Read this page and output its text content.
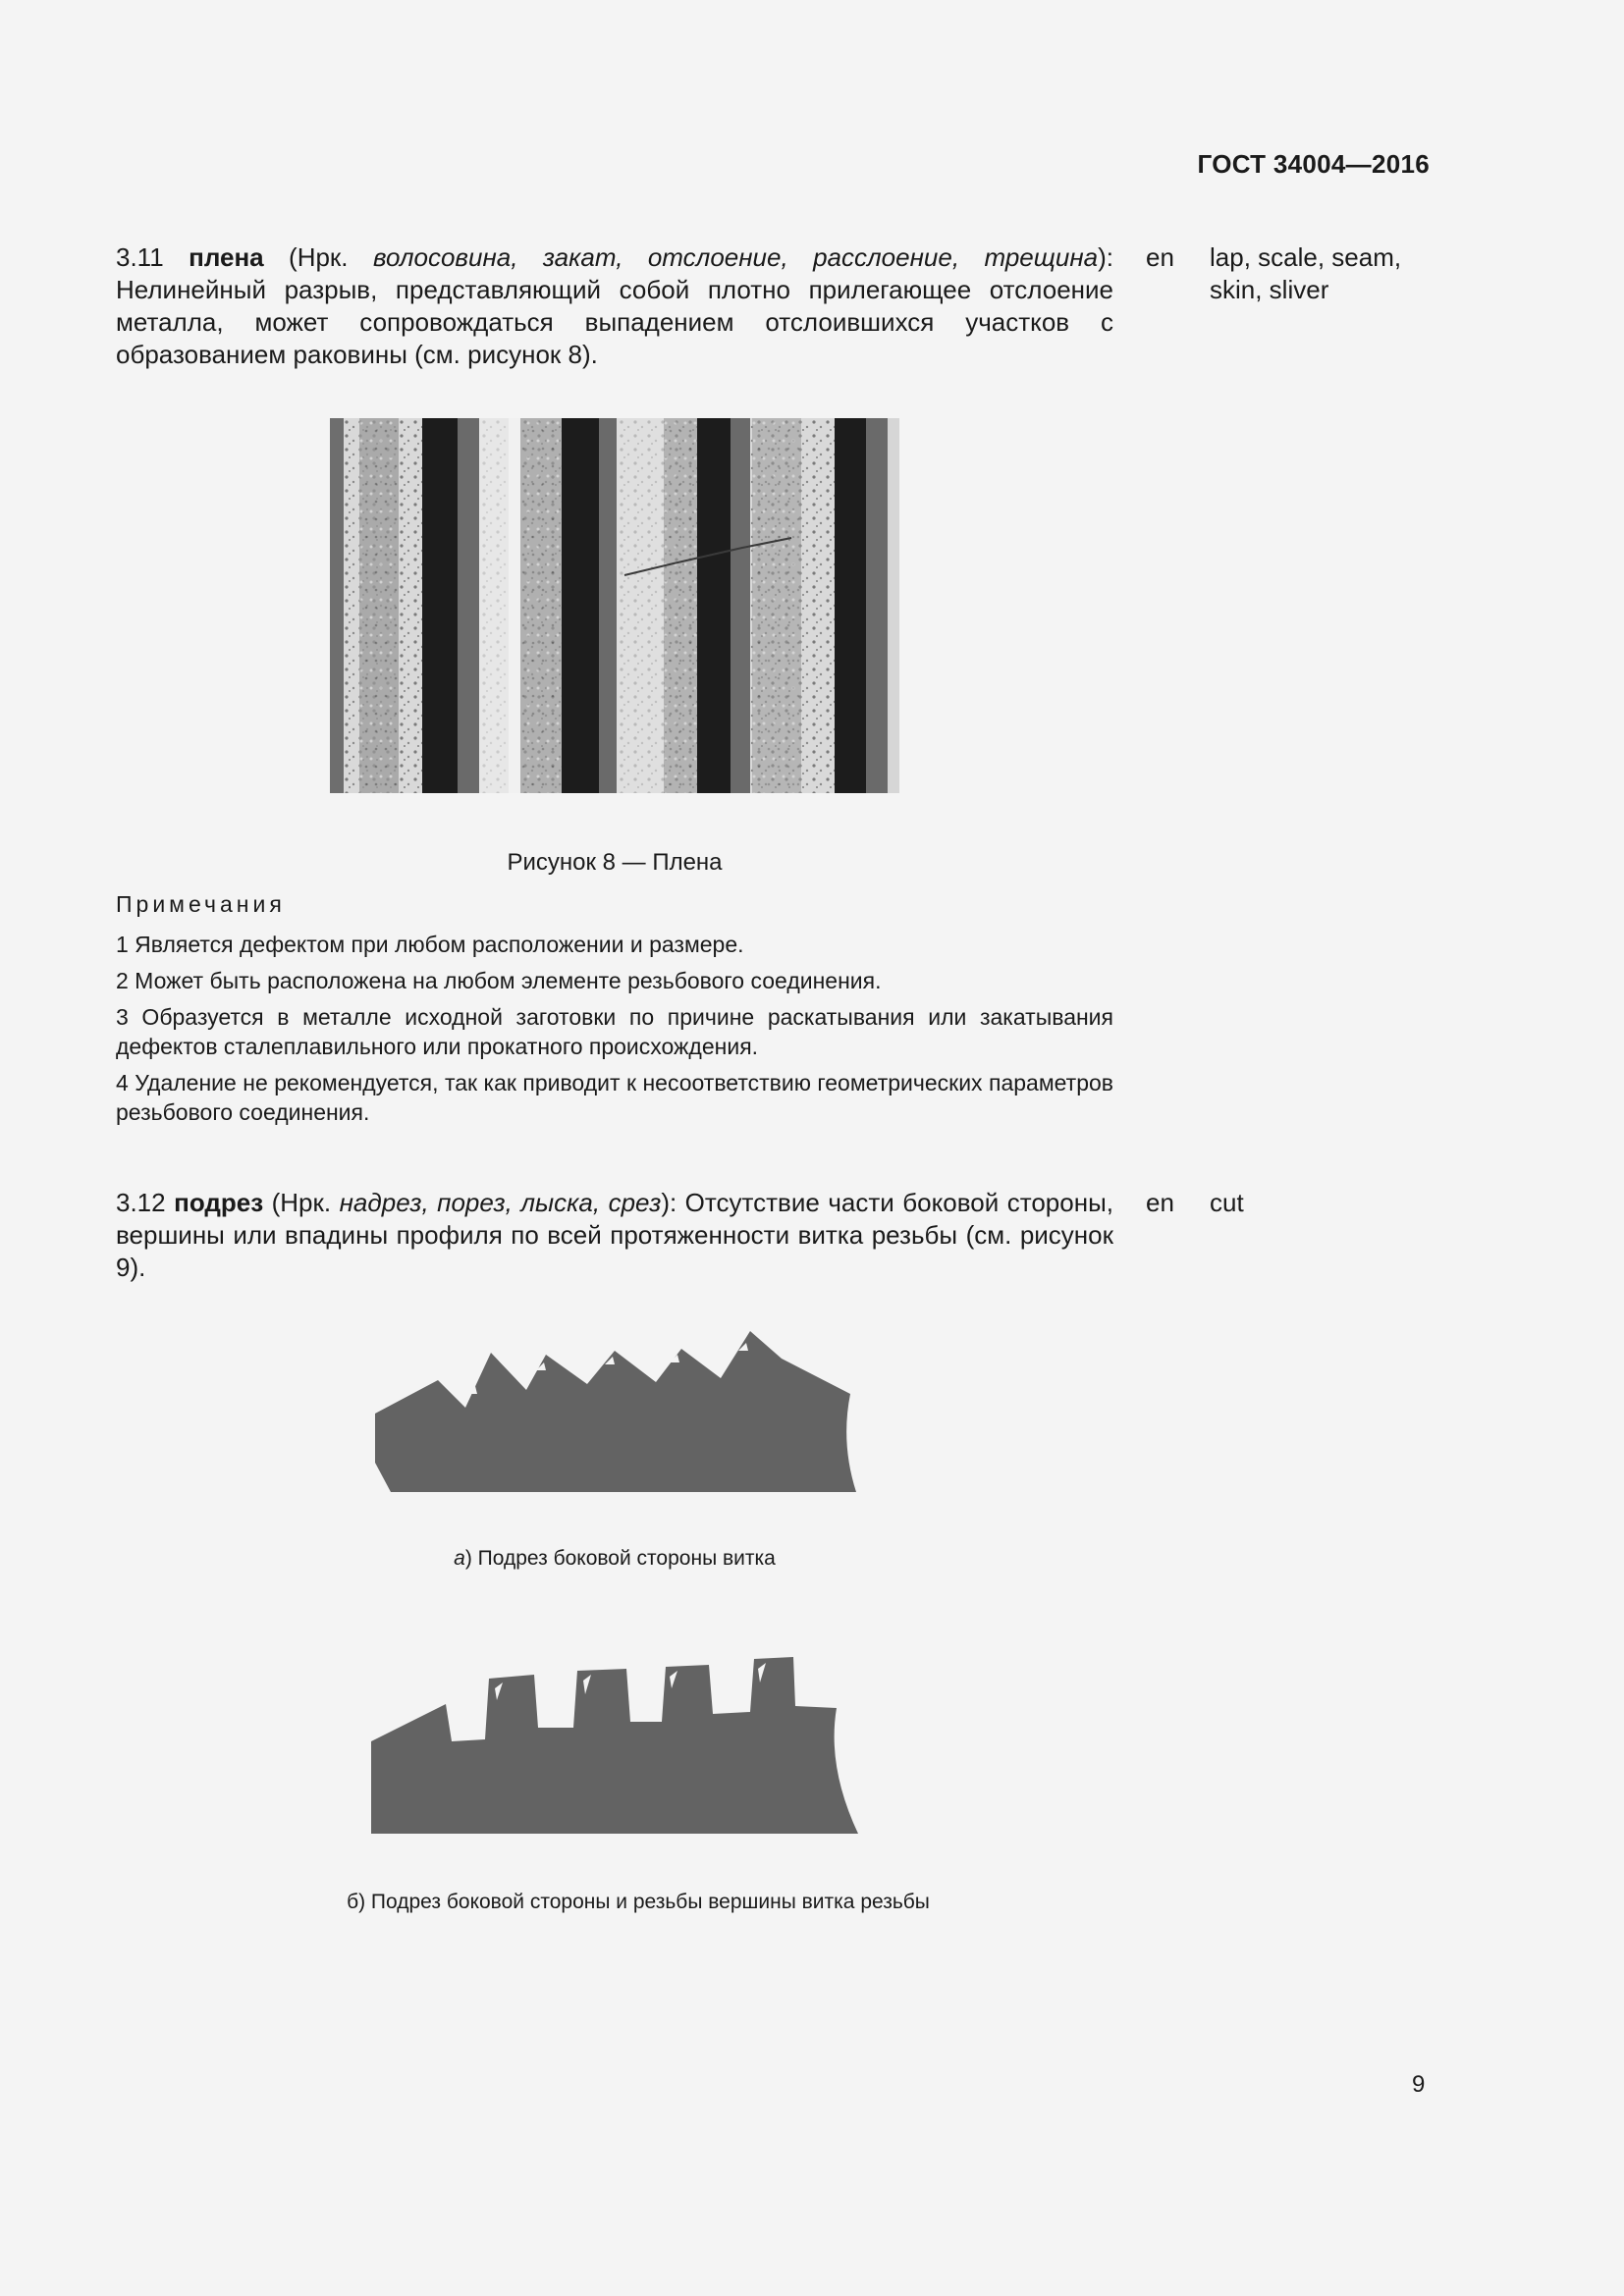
ГОСТ 34004—2016
3.11 плена (Нрк. волосовина, закат, отслоение, расслоение, трещина): Нелинейный разрыв, представляющий собой плотно прилегающее отслоение металла, может сопровождаться выпадением отслоившихся участков с образованием раковины (см. рисунок 8).
en lap, scale, seam, skin, sliver
Рисунок 8 — Плена
Примечания
1 Является дефектом при любом расположении и размере.
2 Может быть расположена на любом элементе резьбового соединения.
3 Образуется в металле исходной заготовки по причине раскатывания или закатывания дефектов сталеплавильного или прокатного происхождения.
4 Удаление не рекомендуется, так как приводит к несоответствию геометрических параметров резьбового соединения.
3.12 подрез (Нрк. надрез, порез, лыска, срез): Отсутствие части боковой стороны, вершины или впадины профиля по всей протяженности витка резьбы (см. рисунок 9).
en cut
а) Подрез боковой стороны витка
б) Подрез боковой стороны и резьбы вершины витка резьбы
9
